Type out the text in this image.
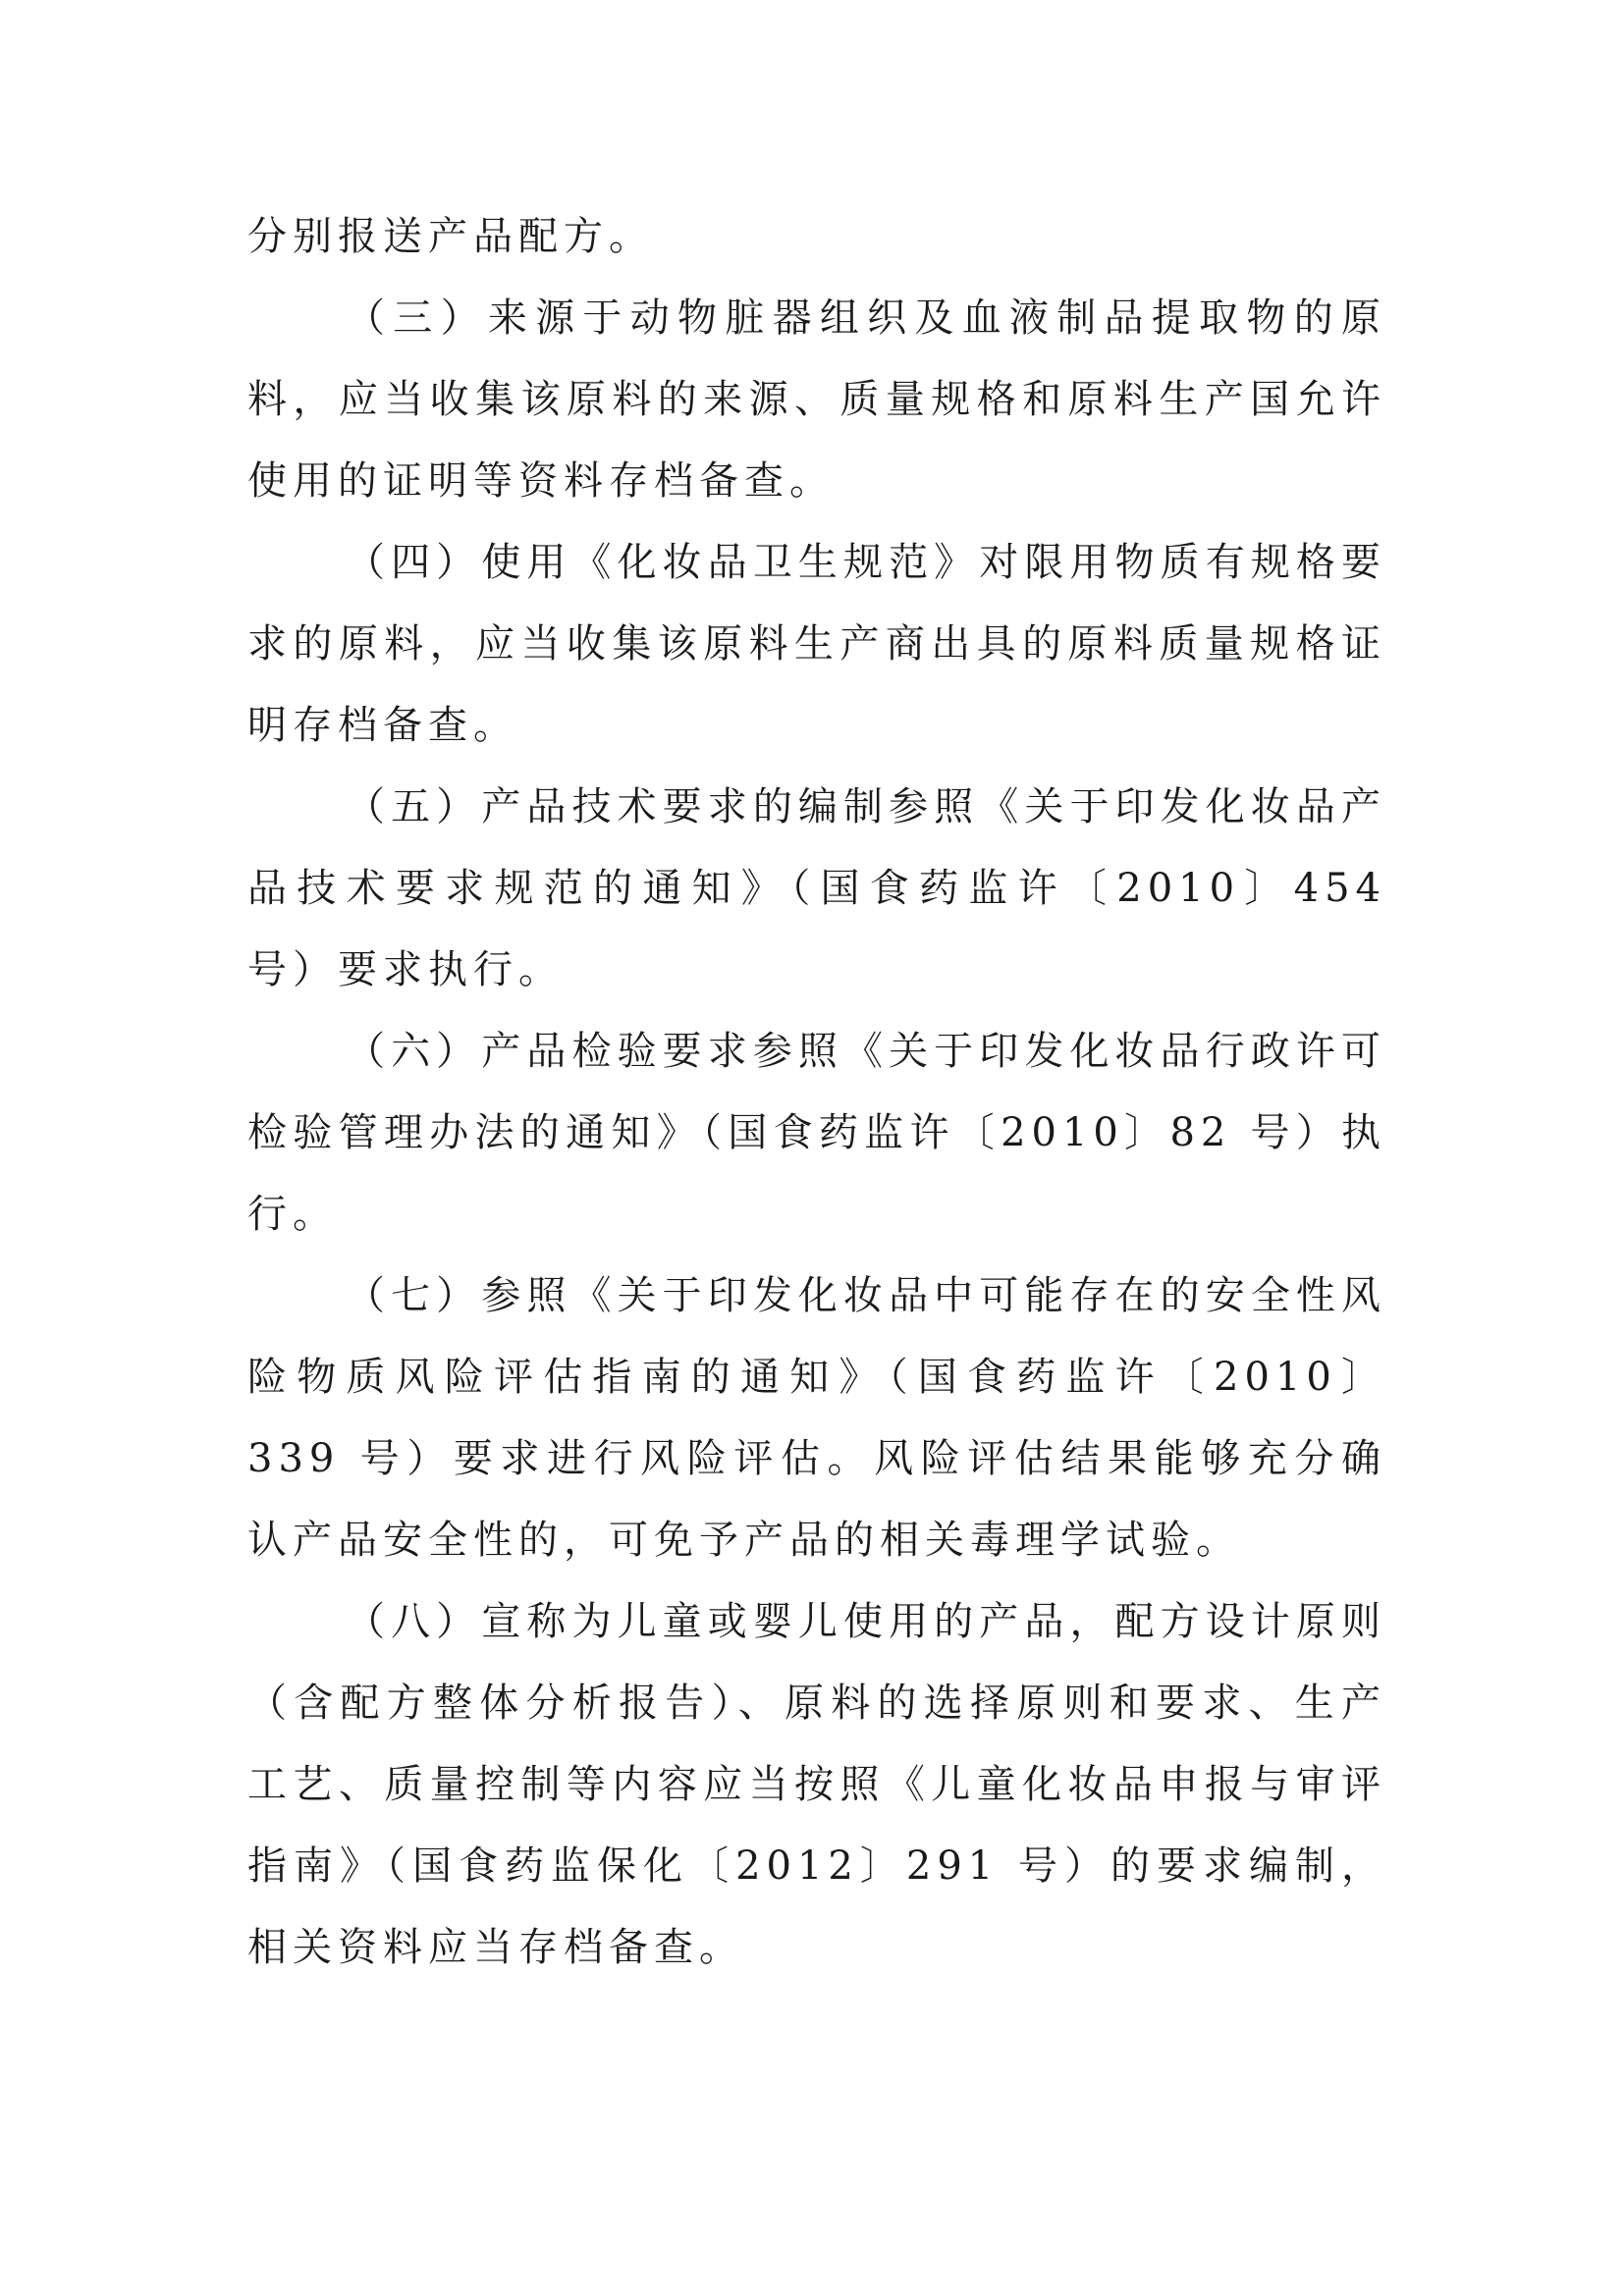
分别报送产品配方。

（三）来源于动物脏器组织及血液制品提取物的原料，应当收集该原料的来源、质量规格和原料生产国允许使用的证明等资料存档备查。

（四）使用《化妆品卫生规范》对限用物质有规格要求的原料，应当收集该原料生产商出具的原料质量规格证明存档备查。

（五）产品技术要求的编制参照《关于印发化妆品产品技术要求规范的通知》（国食药监许〔2010〕454 号）要求执行。

（六）产品检验要求参照《关于印发化妆品行政许可检验管理办法的通知》（国食药监许〔2010〕82 号）执行。

（七）参照《关于印发化妆品中可能存在的安全性风险物质风险评估指南的通知》（国食药监许〔2010〕339 号）要求进行风险评估。风险评估结果能够充分确认产品安全性的，可免予产品的相关毒理学试验。

（八）宣称为儿童或婴儿使用的产品，配方设计原则（含配方整体分析报告）、原料的选择原则和要求、生产工艺、质量控制等内容应当按照《儿童化妆品申报与审评指南》（国食药监保化〔2012〕291 号）的要求编制，相关资料应当存档备查。
